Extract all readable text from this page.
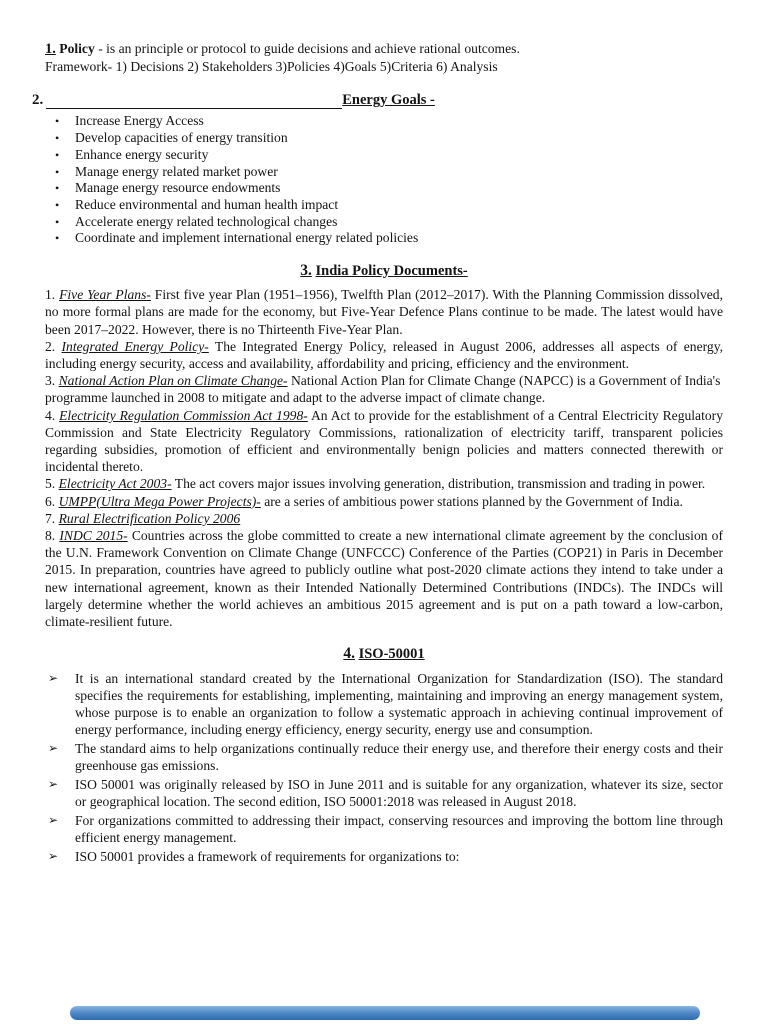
1. Policy - is an principle or protocol to guide decisions and achieve rational outcomes.

Framework- 1) Decisions 2) Stakeholders 3)Policies 4)Goals 5)Criteria 6) Analysis

2.	Energy Goals -
•	Increase Energy Access
•	Develop capacities of energy transition
•	Enhance energy security
•	Manage energy related market power
•	Manage energy resource endowments
•	Reduce environmental and human health impact
•	Accelerate energy related technological changes
•	Coordinate and implement international energy related policies
3. India Policy Documents-

1. Five Year Plans- First five year Plan (1951–1956), Twelfth Plan (2012–2017). With the Planning Commission dissolved, no more formal plans are made for the economy, but Five-Year Defence Plans continue to be made. The latest would have been 2017–2022. However, there is no Thirteenth Five-Year Plan.

2. Integrated Energy Policy- The Integrated Energy Policy, released in August 2006, addresses all aspects of energy, including energy security, access and availability, affordability and pricing, efficiency and the environment.

3. National Action Plan on Climate Change- National Action Plan for Climate Change (NAPCC) is a Government of India's programme launched in 2008 to mitigate and adapt to the adverse impact of climate change.

4. Electricity Regulation Commission Act 1998- An Act to provide for the establishment of a Central Electricity Regulatory Commission and State Electricity Regulatory Commissions, rationalization of electricity tariff, transparent policies regarding subsidies, promotion of efficient and environmentally benign policies and matters connected therewith or incidental thereto.

5. Electricity Act 2003- The act covers major issues involving generation, distribution, transmission and trading in power.

6. UMPP(Ultra Mega Power Projects)- are a series of ambitious power stations planned by the Government of India.

7. Rural Electrification Policy 2006

8. INDC 2015- Countries across the globe committed to create a new international climate agreement by the conclusion of the U.N. Framework Convention on Climate Change (UNFCCC) Conference of the Parties (COP21) in Paris in December 2015. In preparation, countries have agreed to publicly outline what post-2020 climate actions they intend to take under a new international agreement, known as their Intended Nationally Determined Contributions (INDCs). The INDCs will largely determine whether the world achieves an ambitious 2015 agreement and is put on a path toward a low-carbon, climate-resilient future.

4. ISO-50001
➢	It is an international standard created by the International Organization for Standardization (ISO). The standard specifies the requirements for establishing, implementing, maintaining and improving an energy management system, whose purpose is to enable an organization to follow a systematic approach in achieving continual improvement of energy performance, including energy efficiency, energy security, energy use and consumption.
➢	The standard aims to help organizations continually reduce their energy use, and therefore their energy costs and their greenhouse gas emissions.
➢	ISO 50001 was originally released by ISO in June 2011 and is suitable for any organization, whatever its size, sector or geographical location. The second edition, ISO 50001:2018 was released in August 2018.
➢	For organizations committed to addressing their impact, conserving resources and improving the bottom line through efficient energy management.
➢	ISO 50001 provides a framework of requirements for organizations to:
